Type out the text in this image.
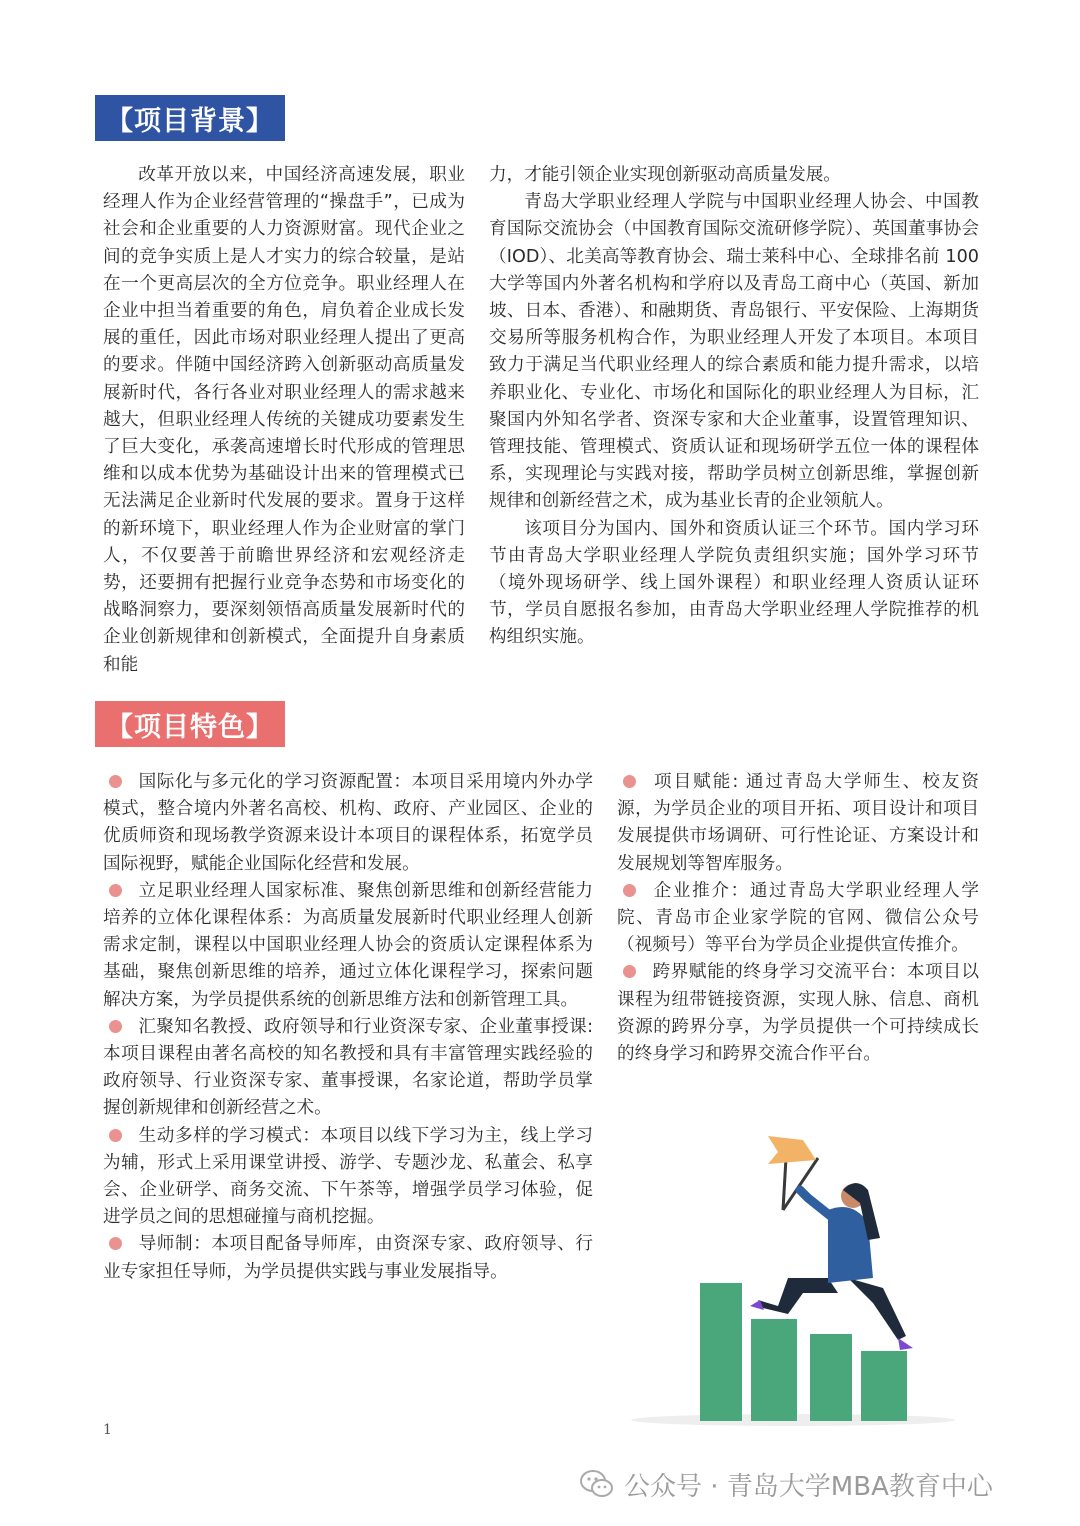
【项目背景】

改革开放以来，中国经济高速发展，职业经理人作为企业经营管理的“操盘手”，已成为社会和企业重要的人力资源财富。现代企业之间的竞争实质上是人才实力的综合较量，是站在一个更高层次的全方位竞争。职业经理人在企业中担当着重要的角色，肩负着企业成长发展的重任，因此市场对职业经理人提出了更高的要求。伴随中国经济跨入创新驱动高质量发展新时代，各行各业对职业经理人的需求越来越大，但职业经理人传统的关键成功要素发生了巨大变化，承袭高速增长时代形成的管理思维和以成本优势为基础设计出来的管理模式已无法满足企业新时代发展的要求。置身于这样的新环境下，职业经理人作为企业财富的掌门人，不仅要善于前瞻世界经济和宏观经济走势，还要拥有把握行业竞争态势和市场变化的战略洞察力，要深刻领悟高质量发展新时代的企业创新规律和创新模式，全面提升自身素质和能

力，才能引领企业实现创新驱动高质量发展。

青岛大学职业经理人学院与中国职业经理人协会、中国教育国际交流协会（中国教育国际交流研修学院）、英国董事协会（IOD）、北美高等教育协会、瑞士莱科中心、全球排名前 100 大学等国内外著名机构和学府以及青岛工商中心（英国、新加坡、日本、香港）、和融期货、青岛银行、平安保险、上海期货交易所等服务机构合作，为职业经理人开发了本项目。本项目致力于满足当代职业经理人的综合素质和能力提升需求，以培养职业化、专业化、市场化和国际化的职业经理人为目标，汇聚国内外知名学者、资深专家和大企业董事，设置管理知识、管理技能、管理模式、资质认证和现场研学五位一体的课程体系，实现理论与实践对接，帮助学员树立创新思维，掌握创新规律和创新经营之术，成为基业长青的企业领航人。

该项目分为国内、国外和资质认证三个环节。国内学习环节由青岛大学职业经理人学院负责组织实施；国外学习环节（境外现场研学、线上国外课程）和职业经理人资质认证环节，学员自愿报名参加，由青岛大学职业经理人学院推荐的机构组织实施。

【项目特色】

国际化与多元化的学习资源配置：本项目采用境内外办学模式，整合境内外著名高校、机构、政府、产业园区、企业的优质师资和现场教学资源来设计本项目的课程体系，拓宽学员国际视野，赋能企业国际化经营和发展。

立足职业经理人国家标准、聚焦创新思维和创新经营能力培养的立体化课程体系：为高质量发展新时代职业经理人创新需求定制，课程以中国职业经理人协会的资质认定课程体系为基础，聚焦创新思维的培养，通过立体化课程学习，探索问题解决方案，为学员提供系统的创新思维方法和创新管理工具。

汇聚知名教授、政府领导和行业资深专家、企业董事授课:本项目课程由著名高校的知名教授和具有丰富管理实践经验的政府领导、行业资深专家、董事授课，名家论道，帮助学员掌握创新规律和创新经营之术。

生动多样的学习模式：本项目以线下学习为主，线上学习为辅，形式上采用课堂讲授、游学、专题沙龙、私董会、私享会、企业研学、商务交流、下午茶等，增强学员学习体验，促进学员之间的思想碰撞与商机挖掘。

导师制：本项目配备导师库，由资深专家、政府领导、行业专家担任导师，为学员提供实践与事业发展指导。

项目赋能: 通过青岛大学师生、校友资源，为学员企业的项目开拓、项目设计和项目发展提供市场调研、可行性论证、方案设计和发展规划等智库服务。

企业推介：通过青岛大学职业经理人学院、青岛市企业家学院的官网、微信公众号（视频号）等平台为学员企业提供宣传推介。

跨界赋能的终身学习交流平台：本项目以课程为纽带链接资源，实现人脉、信息、商机资源的跨界分享，为学员提供一个可持续成长的终身学习和跨界交流合作平台。

1
公众号 · 青岛大学MBA教育中心
